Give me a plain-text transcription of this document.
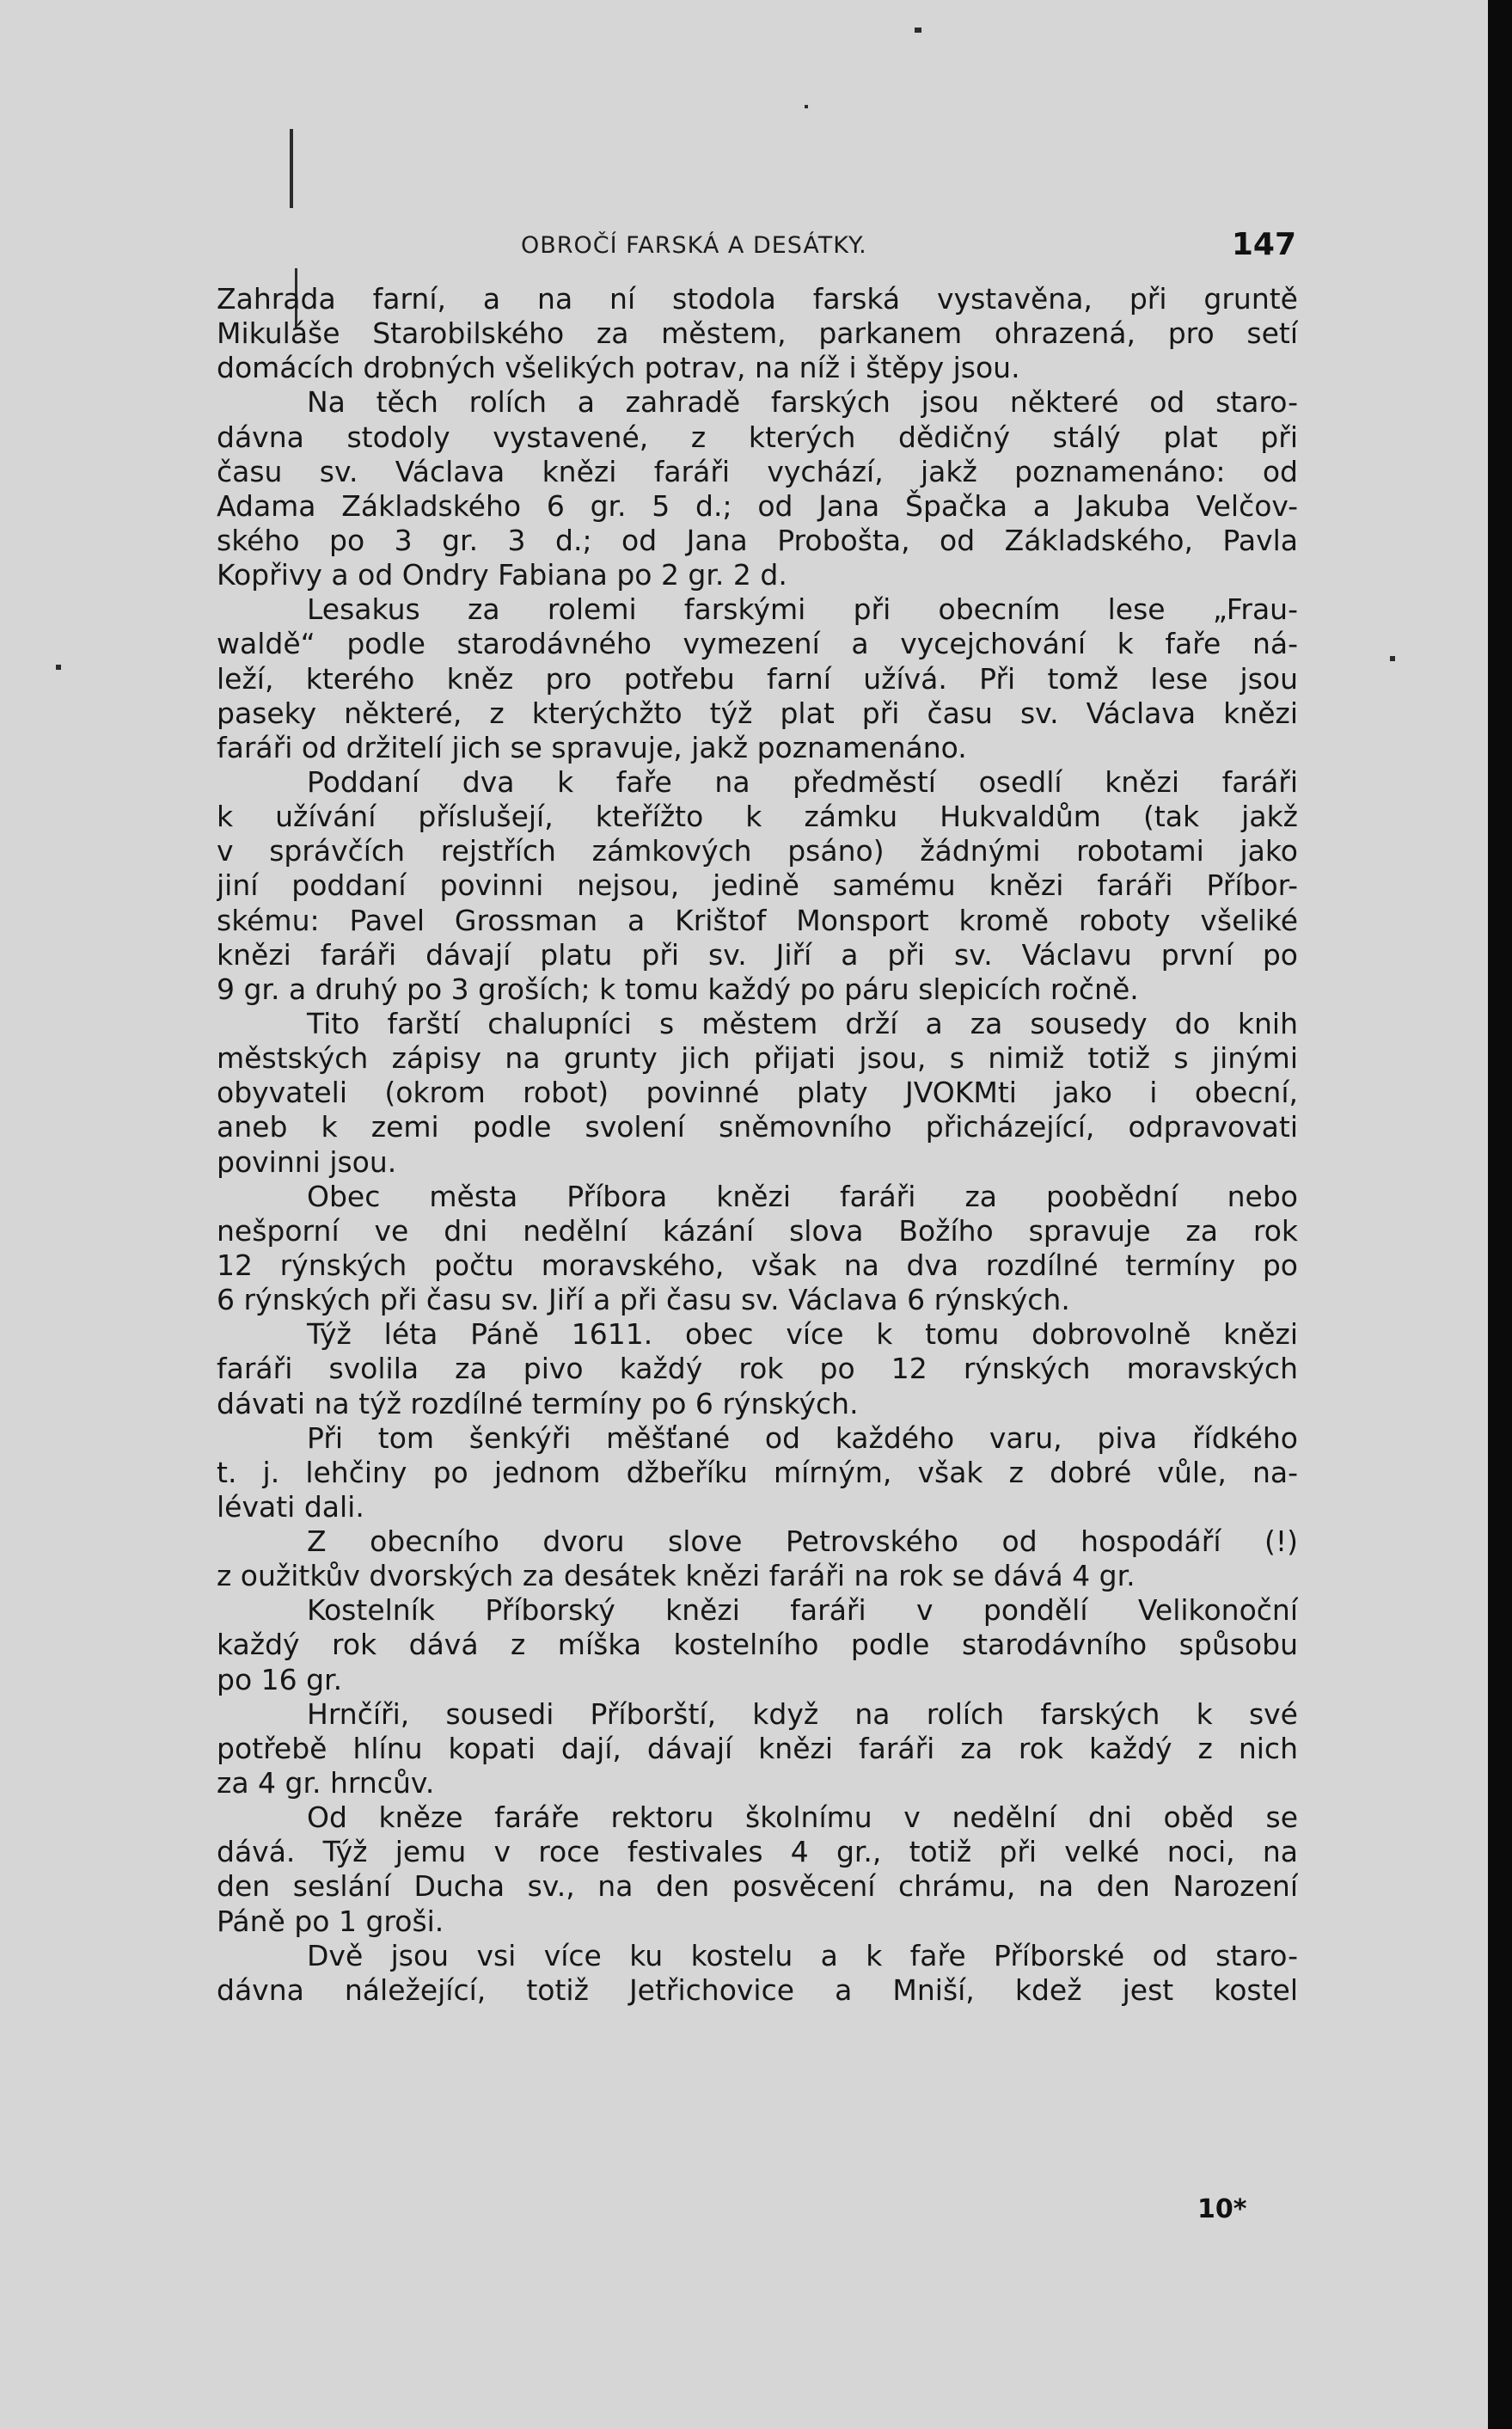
OBROČÍ FARSKÁ A DESÁTKY.	147
Zahrada farní, a na ní stodola farská vystavěna, při gruntě
Mikuláše Starobilského za městem, parkanem ohrazená, pro setí
domácích drobných všelikých potrav, na níž i štěpy jsou.
Na těch rolích a zahradě farských jsou některé od staro-
dávna stodoly vystavené, z kterých dědičný stálý plat při
času sv. Václava knězi faráři vychází, jakž poznamenáno: od
Adama Základského 6 gr. 5 d.; od Jana Špačka a Jakuba Velčov-
ského po 3 gr. 3 d.; od Jana Probošta, od Základského, Pavla
Kopřivy a od Ondry Fabiana po 2 gr. 2 d.
Lesakus za rolemi farskými při obecním lese „Frau-
waldě“ podle starodávného vymezení a vycejchování k faře ná-
leží, kterého kněz pro potřebu farní užívá. Při tomž lese jsou
paseky některé, z kterýchžto týž plat při času sv. Václava knězi
faráři od držitelí jich se spravuje, jakž poznamenáno.
Poddaní dva k faře na předměstí osedlí knězi faráři
k užívání příslušejí, kteřížto k zámku Hukvaldům (tak jakž
v správčích rejstřích zámkových psáno) žádnými robotami jako
jiní poddaní povinni nejsou, jedině samému knězi faráři Příbor-
skému: Pavel Grossman a Krištof Monsport kromě roboty všeliké
knězi faráři dávají platu při sv. Jiří a při sv. Václavu první po
9 gr. a druhý po 3 groších; k tomu každý po páru slepicích ročně.
Tito farští chalupníci s městem drží a za sousedy do knih
městských zápisy na grunty jich přijati jsou, s nimiž totiž s jinými
obyvateli (okrom robot) povinné platy JVOKMti jako i obecní,
aneb k zemi podle svolení sněmovního přicházející, odpravovati
povinni jsou.
Obec města Příbora knězi faráři za poobědní nebo
nešporní ve dni nedělní kázání slova Božího spravuje za rok
12 rýnských počtu moravského, však na dva rozdílné termíny po
6 rýnských při času sv. Jiří a při času sv. Václava 6 rýnských.
Týž léta Páně 1611. obec více k tomu dobrovolně knězi
faráři svolila za pivo každý rok po 12 rýnských moravských
dávati na týž rozdílné termíny po 6 rýnských.
Při tom šenkýři měšťané od každého varu, piva řídkého
t. j. lehčiny po jednom džbeříku mírným, však z dobré vůle, na-
lévati dali.
Z obecního dvoru slove Petrovského od hospodáří (!)
z oužitkův dvorských za desátek knězi faráři na rok se dává 4 gr.
Kostelník Příborský knězi faráři v pondělí Velikonoční
každý rok dává z míška kostelního podle starodávního spůsobu
po 16 gr.
Hrnčíři, sousedi Příborští, když na rolích farských k své
potřebě hlínu kopati dají, dávají knězi faráři za rok každý z nich
za 4 gr. hrncův.
Od kněze faráře rektoru školnímu v nedělní dni oběd se
dává. Týž jemu v roce festivales 4 gr., totiž při velké noci, na
den seslání Ducha sv., na den posvěcení chrámu, na den Narození
Páně po 1 groši.
Dvě jsou vsi více ku kostelu a k faře Příborské od staro-
dávna náležející, totiž Jetřichovice a Mniší, kdež jest kostel
10*
